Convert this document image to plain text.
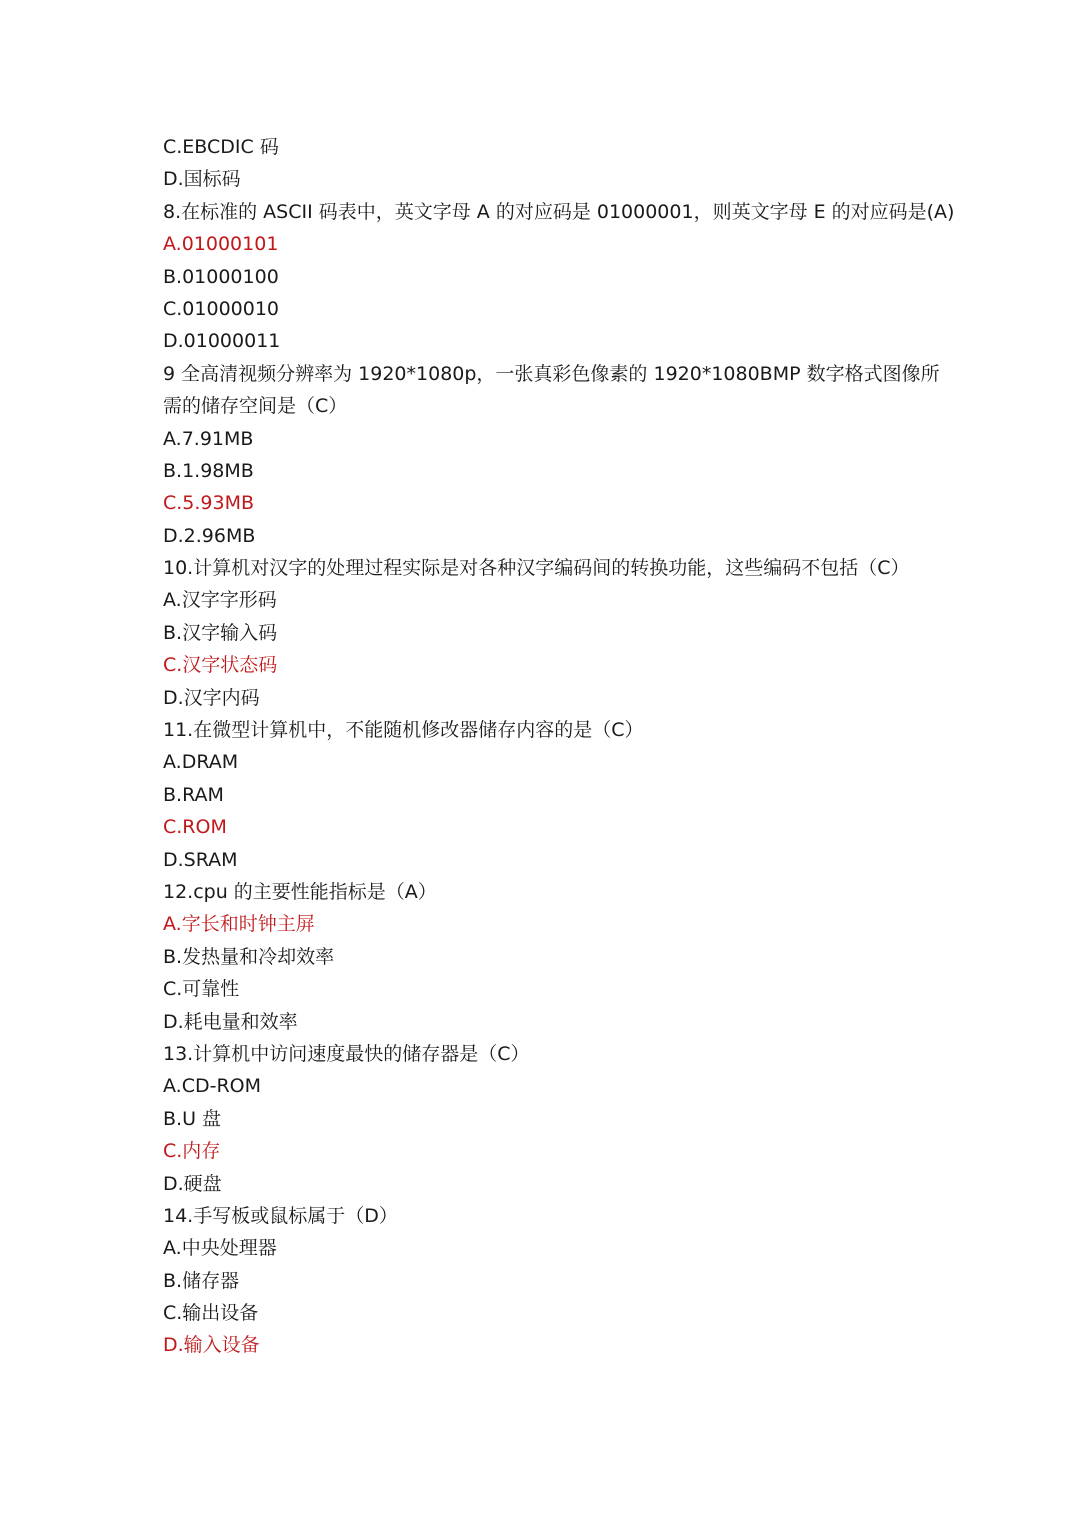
C.EBCDIC 码
D.国标码
8.在标准的 ASCII 码表中，英文字母 A 的对应码是 01000001，则英文字母 E 的对应码是(A)
A.01000101
B.01000100
C.01000010
D.01000011
9 全高清视频分辨率为 1920*1080p，一张真彩色像素的 1920*1080BMP 数字格式图像所
需的储存空间是（C）
A.7.91MB
B.1.98MB
C.5.93MB
D.2.96MB
10.计算机对汉字的处理过程实际是对各种汉字编码间的转换功能，这些编码不包括（C）
A.汉字字形码
B.汉字输入码
C.汉字状态码
D.汉字内码
11.在微型计算机中，不能随机修改器储存内容的是（C）
A.DRAM
B.RAM
C.ROM
D.SRAM
12.cpu 的主要性能指标是（A）
A.字长和时钟主屏
B.发热量和冷却效率
C.可靠性
D.耗电量和效率
13.计算机中访问速度最快的储存器是（C）
A.CD-ROM
B.U 盘
C.内存
D.硬盘
14.手写板或鼠标属于（D）
A.中央处理器
B.储存器
C.输出设备
D.输入设备
